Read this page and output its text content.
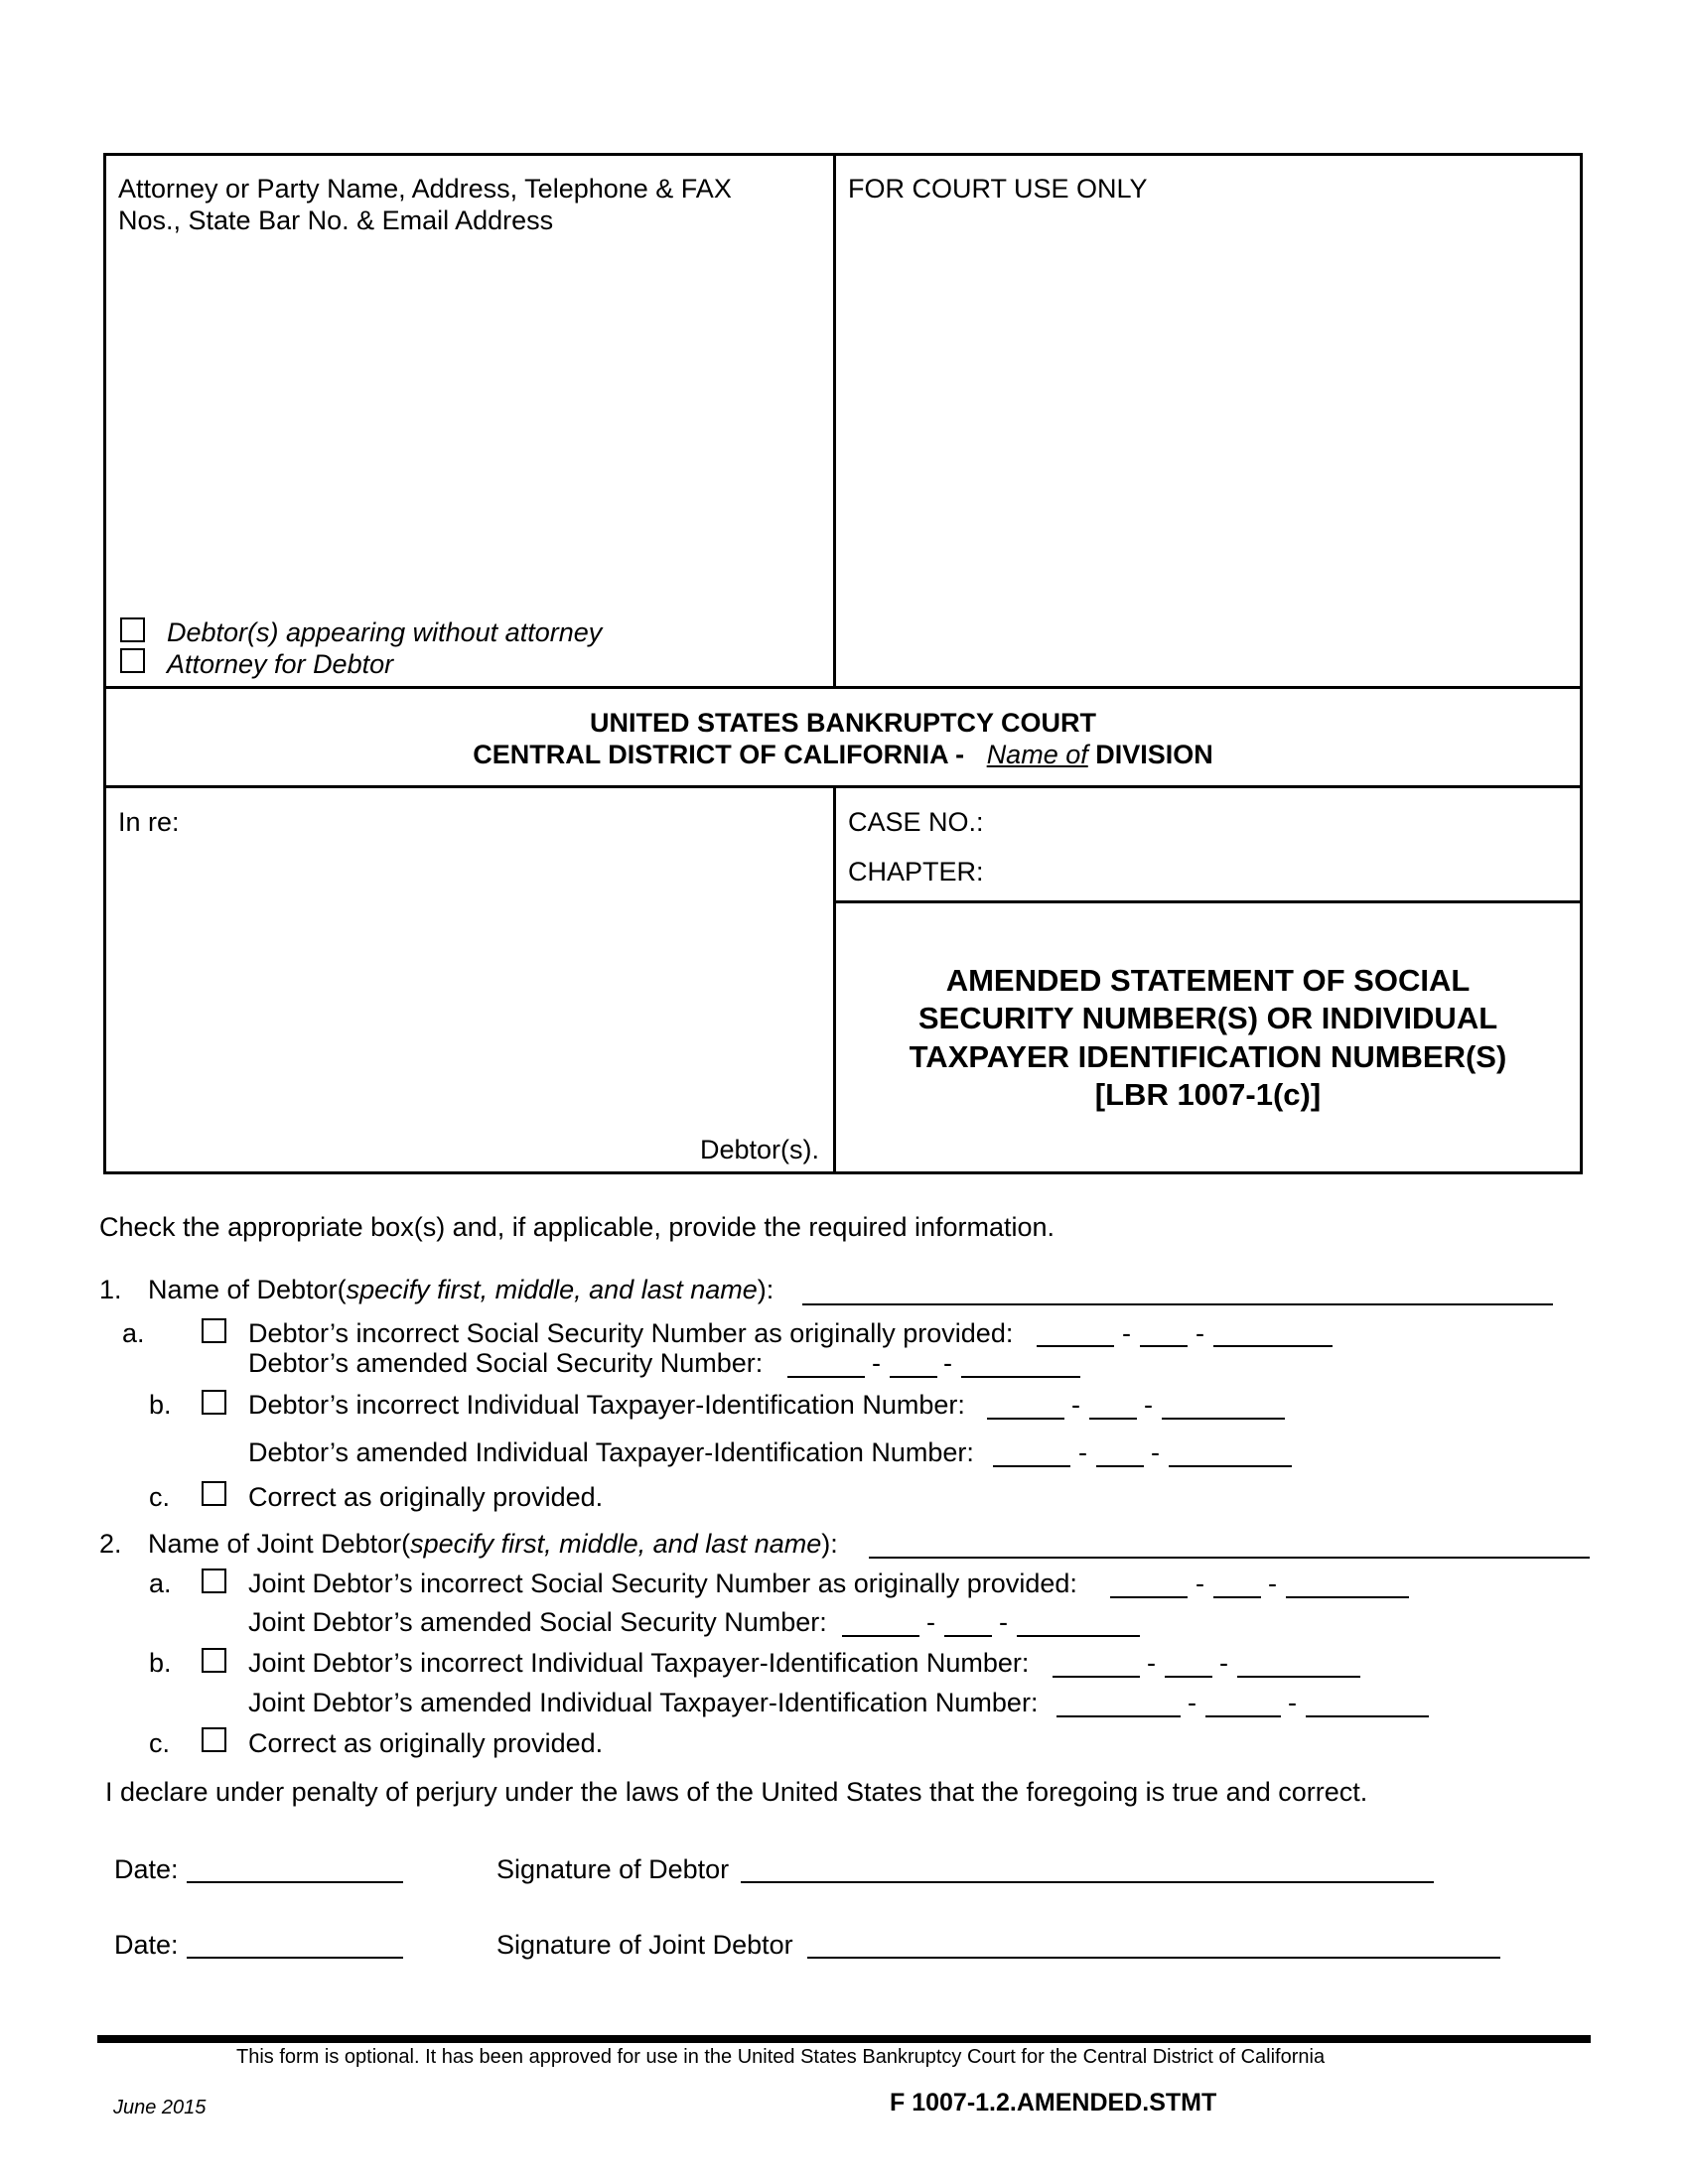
Attorney or Party Name, Address, Telephone & FAX
Nos., State Bar No. & Email Address
Debtor(s) appearing without attorney
Attorney for Debtor
FOR COURT USE ONLY
UNITED STATES BANKRUPTCY COURT
CENTRAL DISTRICT OF CALIFORNIA - Name of DIVISION
In re:
Debtor(s).
CASE NO.:
CHAPTER:
AMENDED STATEMENT OF SOCIAL
SECURITY NUMBER(S) OR INDIVIDUAL
TAXPAYER IDENTIFICATION NUMBER(S)
[LBR 1007-1(c)]
Check the appropriate box(s) and, if applicable, provide the required information.
1. Name of Debtor(specify first, middle, and last name):
a.	Debtor’s incorrect Social Security Number as originally provided:	- -
Debtor’s amended Social Security Number:	- -
b.	Debtor’s incorrect Individual Taxpayer-Identification Number:	- -
Debtor’s amended Individual Taxpayer-Identification Number:	- -
c.	Correct as originally provided.
2. Name of Joint Debtor(specify first, middle, and last name):
a.	Joint Debtor’s incorrect Social Security Number as originally provided:	- -
Joint Debtor’s amended Social Security Number:	- -
b.	Joint Debtor’s incorrect Individual Taxpayer-Identification Number:	- -
Joint Debtor’s amended Individual Taxpayer-Identification Number:	-	-
c.	Correct as originally provided.
I declare under penalty of perjury under the laws of the United States that the foregoing is true and correct.
Date:	Signature of Debtor
Date:	Signature of Joint Debtor
This form is optional. It has been approved for use in the United States Bankruptcy Court for the Central District of California
June 2015	F 1007-1.2.AMENDED.STMT
